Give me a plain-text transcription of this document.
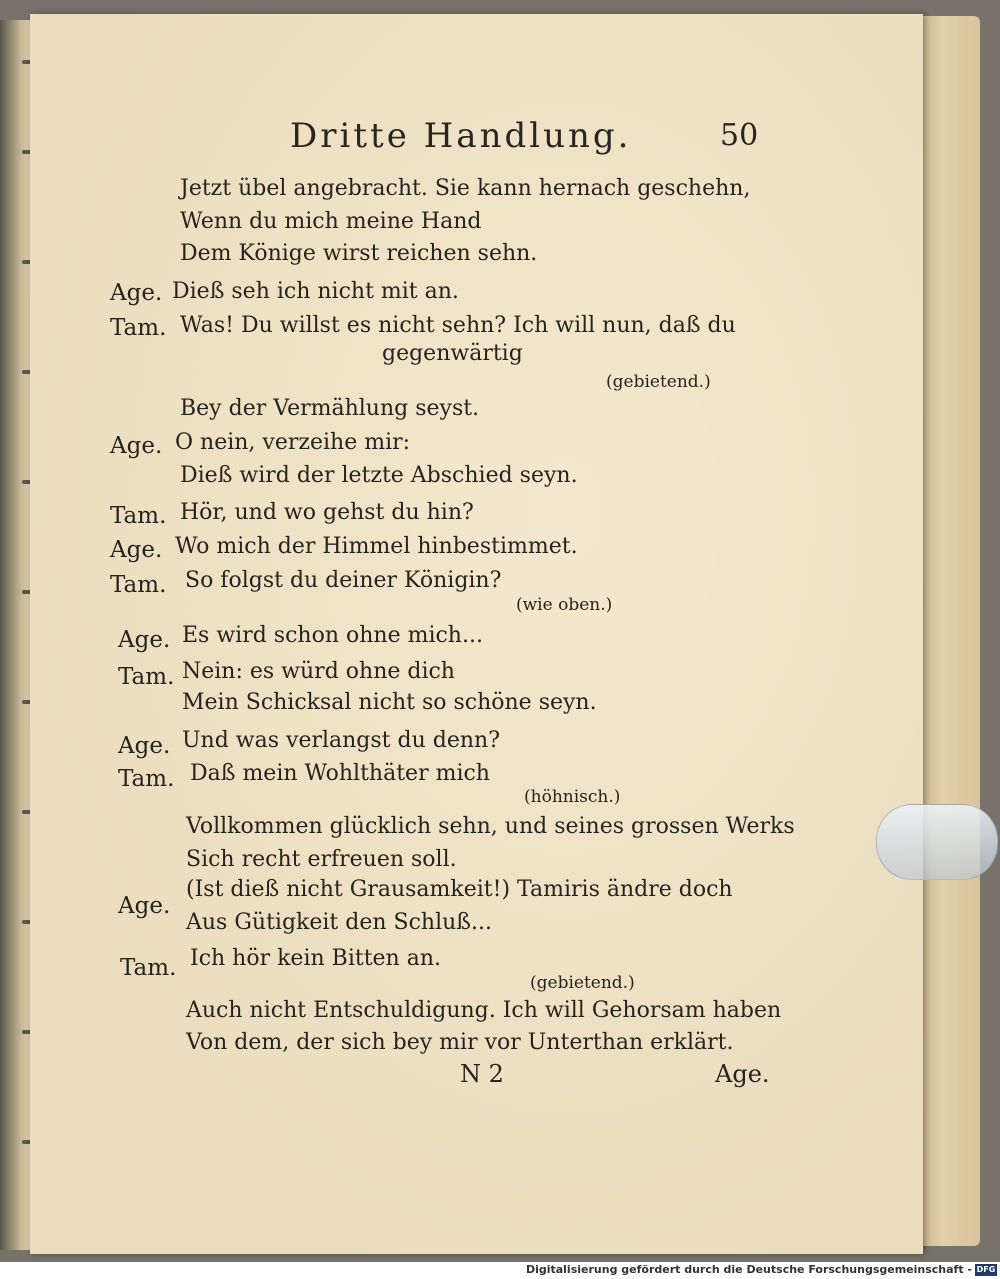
Dritte Handlung.	50
Jetzt übel angebracht. Sie kann hernach geschehn,
Wenn du mich meine Hand
Dem Könige wirst reichen sehn.
Age. Dieß seh ich nicht mit an.
Tam. Was! Du willst es nicht sehn? Ich will nun, daß du
gegenwärtig
(gebietend.)
Bey der Vermählung seyst.
Age. O nein, verzeihe mir:
Dieß wird der letzte Abschied seyn.
Tam. Hör, und wo gehst du hin?
Age. Wo mich der Himmel hinbestimmet.
Tam. So folgst du deiner Königin?
(wie oben.)
Age. Es wird schon ohne mich...
Tam. Nein: es würd ohne dich
Mein Schicksal nicht so schöne seyn.
Age. Und was verlangst du denn?
Tam. Daß mein Wohlthäter mich
(höhnisch.)
Vollkommen glücklich sehn, und seines grossen Werks
Sich recht erfreuen soll.
Age.
(Ist dieß nicht Grausamkeit!) Tamiris ändre doch
Aus Gütigkeit den Schluß...
Tam. Ich hör kein Bitten an.
(gebietend.)
Auch nicht Entschuldigung. Ich will Gehorsam haben
Von dem, der sich bey mir vor Unterthan erklärt.
N 2	Age.
Digitalisierung gefördert durch die Deutsche Forschungsgemeinschaft - DFG
